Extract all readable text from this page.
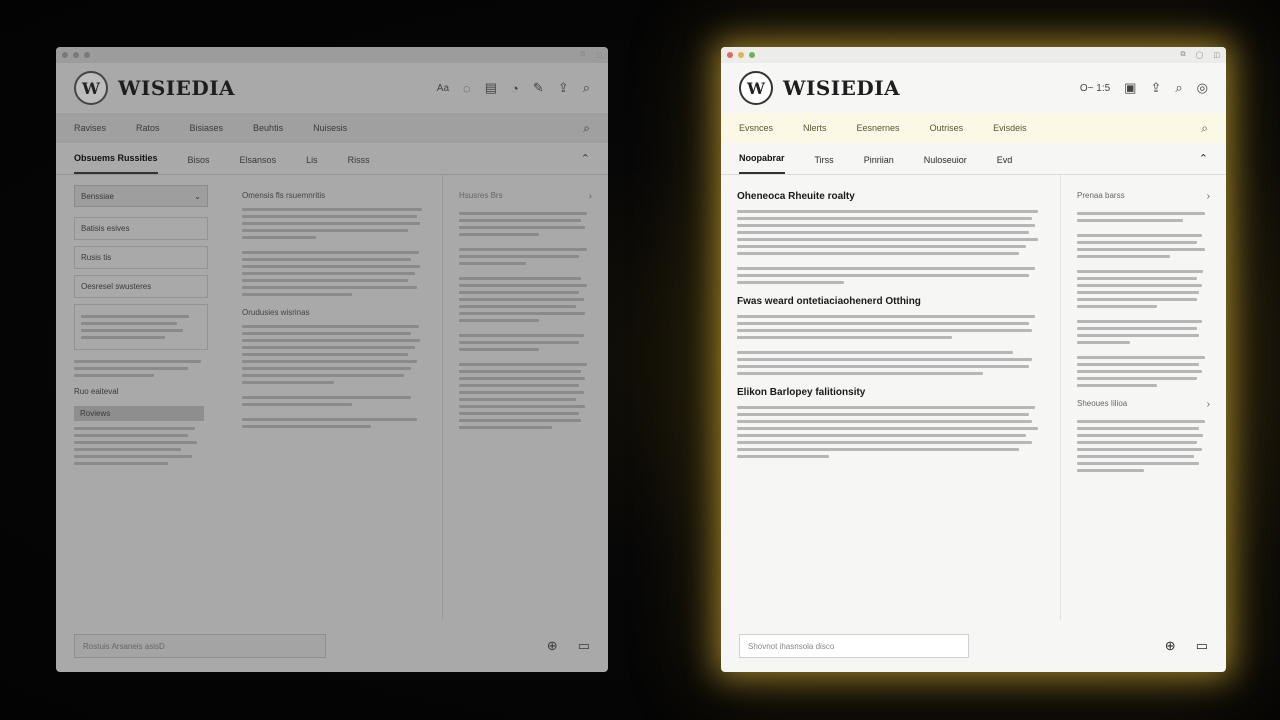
⧉ ◫
W WISIEDIA	Aa ◌ ▤ ◔ ✎ ⇪ ⌕
Ravises	Ratos	Bisiases	Beuhtis	Nuisesis	⌕
Obsuems Russities	Bisos	Elsansos	Lis	Risss	⌃
Benssiae	⌄
Batisis esives
Rusis tis
Oesresel swusteres
Ruo eaiteval
Roviews
Omensis fls rsuemnritis
Orudusies wisrinas
Hsusres Brs	›
Rostuis Arsaneis asisD	⊕ ▭
⧉ ◯ ◫
W WISIEDIA	O~ 1:5 ▣ ⇪ ⌕ ◎
Evsnces	Nlerts	Eesnernes	Outrises	Evisdeis	⌕
Noopabrar	Tirss	Pinriian	Nuloseuior	Evd	⌃
Oheneoca Rheuite roalty
Fwas weard ontetiaciaohenerd Otthing
Elikon Barlopey falitionsity
Prenaa barss	›
Sheoues Iilioa	›
Shovnot ihasnsola disco	⊕ ▭
